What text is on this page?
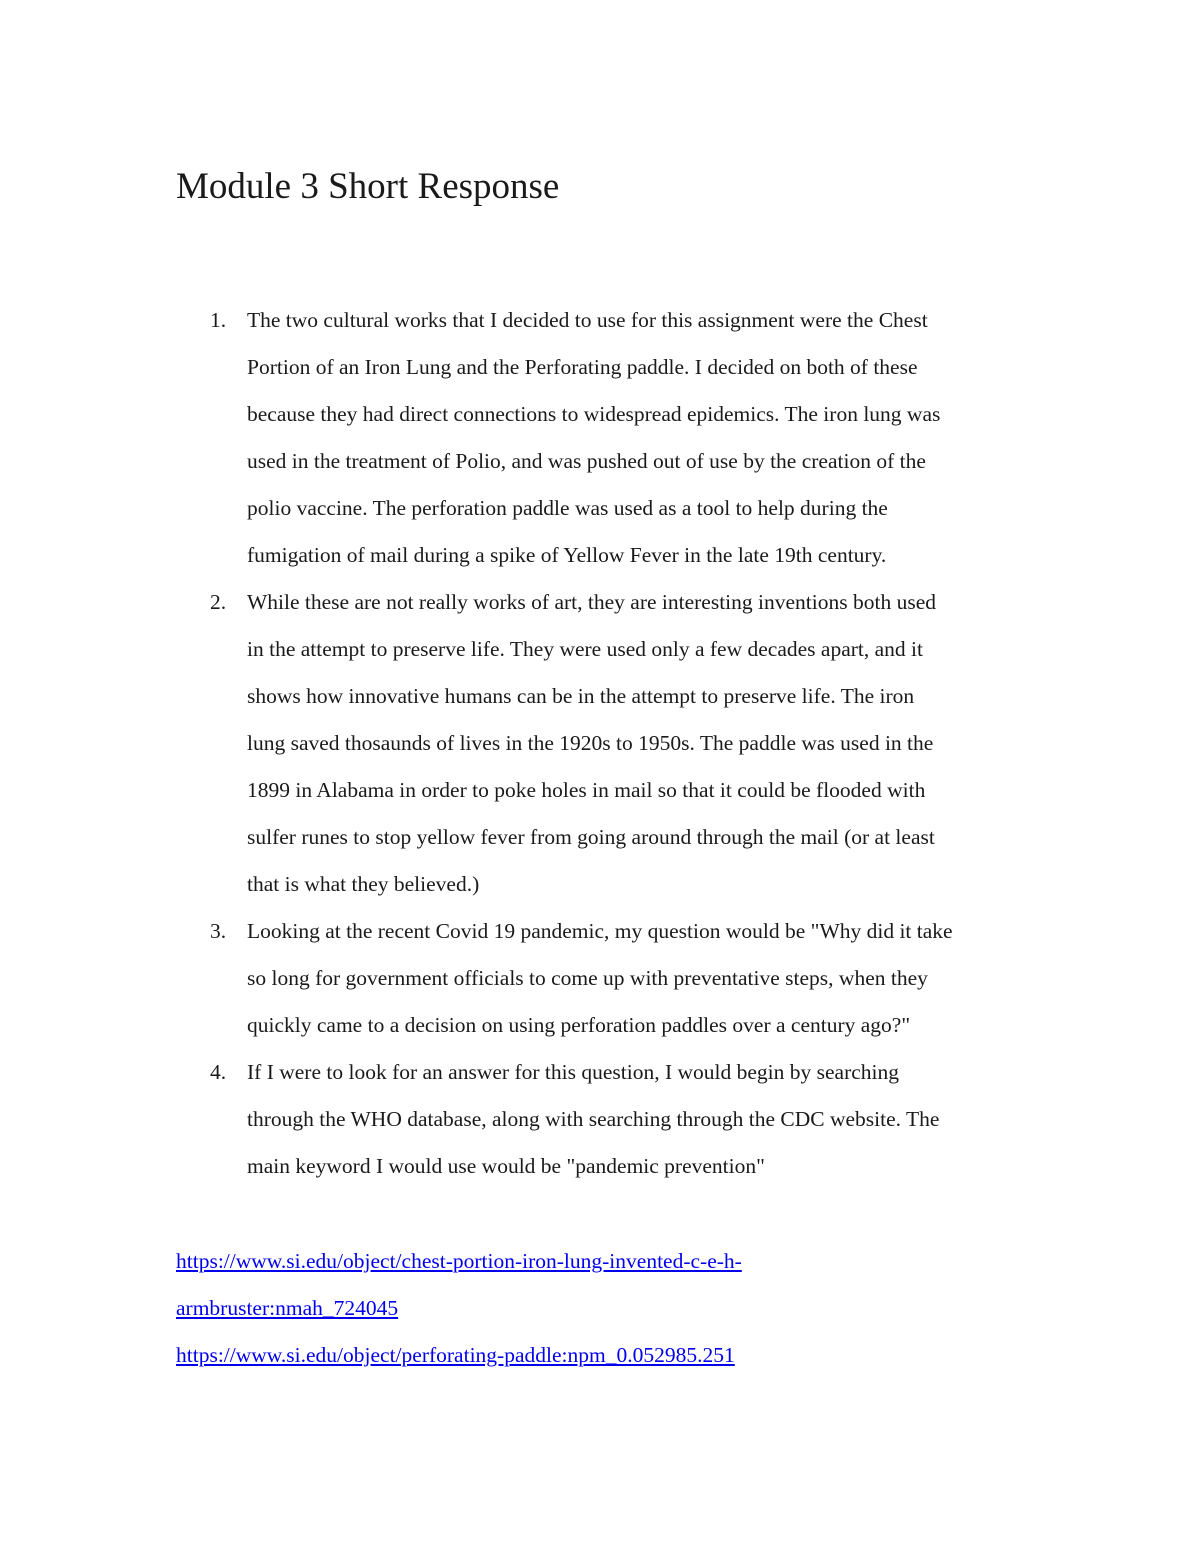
Module 3 Short Response
1. The two cultural works that I decided to use for this assignment were the Chest
Portion of an Iron Lung and the Perforating paddle. I decided on both of these
because they had direct connections to widespread epidemics. The iron lung was
used in the treatment of Polio, and was pushed out of use by the creation of the
polio vaccine. The perforation paddle was used as a tool to help during the
fumigation of mail during a spike of Yellow Fever in the late 19th century.
2. While these are not really works of art, they are interesting inventions both used
in the attempt to preserve life. They were used only a few decades apart, and it
shows how innovative humans can be in the attempt to preserve life. The iron
lung saved thosaunds of lives in the 1920s to 1950s. The paddle was used in the
1899 in Alabama in order to poke holes in mail so that it could be flooded with
sulfer runes to stop yellow fever from going around through the mail (or at least
that is what they believed.)
3. Looking at the recent Covid 19 pandemic, my question would be "Why did it take
so long for government officials to come up with preventative steps, when they
quickly came to a decision on using perforation paddles over a century ago?"
4. If I were to look for an answer for this question, I would begin by searching
through the WHO database, along with searching through the CDC website. The
main keyword I would use would be "pandemic prevention"
https://www.si.edu/object/chest-portion-iron-lung-invented-c-e-h-
armbruster:nmah_724045
https://www.si.edu/object/perforating-paddle:npm_0.052985.251
